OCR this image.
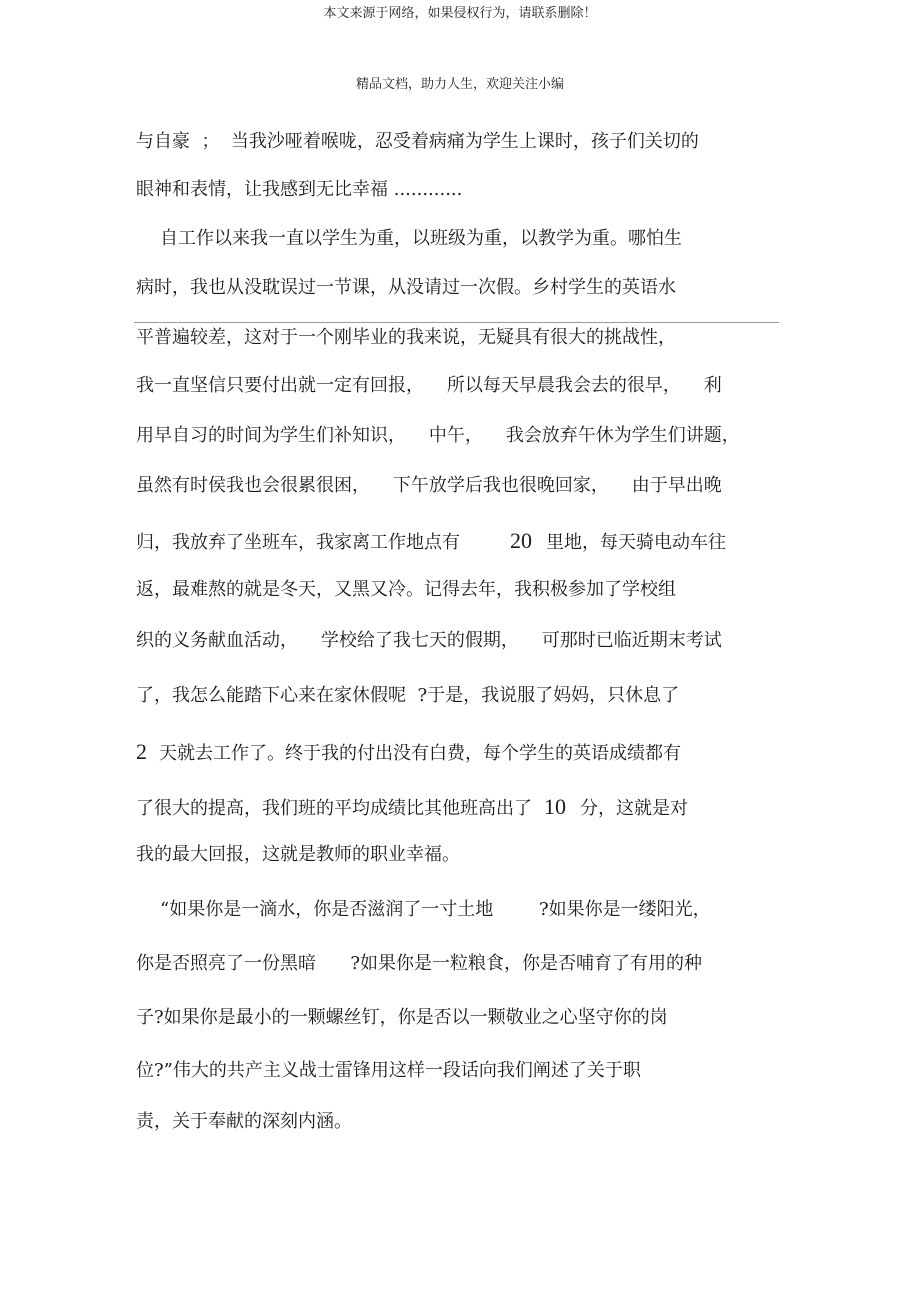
本文来源于网络，如果侵权行为，请联系删除！
精品文档，助力人生，欢迎关注小编
与自豪  ；  当我沙哑着喉咙，忍受着病痛为学生上课时，孩子们关切的
眼神和表情，让我感到无比幸福 ............
自工作以来我一直以学生为重，以班级为重，以教学为重。哪怕生
病时，我也从没耽误过一节课，从没请过一次假。乡村学生的英语水
平普遍较差，这对于一个刚毕业的我来说，无疑具有很大的挑战性，
我一直坚信只要付出就一定有回报，    所以每天早晨我会去的很早，    利
用早自习的时间为学生们补知识，    中午，    我会放弃午休为学生们讲题，
虽然有时侯我也会很累很困，    下午放学后我也很晚回家，    由于早出晚
归，我放弃了坐班车，我家离工作地点有 20 里地，每天骑电动车往
返，最难熬的就是冬天，又黑又冷。记得去年，我积极参加了学校组
织的义务献血活动，    学校给了我七天的假期，    可那时已临近期末考试
了，我怎么能踏下心来在家休假呢  ?于是，我说服了妈妈，只休息了
2 天就去工作了。终于我的付出没有白费，每个学生的英语成绩都有
了很大的提高，我们班的平均成绩比其他班高出了 10 分，这就是对
我的最大回报，这就是教师的职业幸福。
“如果你是一滴水，你是否滋润了一寸土地        ?如果你是一缕阳光，
你是否照亮了一份黑暗      ?如果你是一粒粮食，你是否哺育了有用的种
子?如果你是最小的一颗螺丝钉，你是否以一颗敬业之心坚守你的岗
位?”伟大的共产主义战士雷锋用这样一段话向我们阐述了关于职
责，关于奉献的深刻内涵。
